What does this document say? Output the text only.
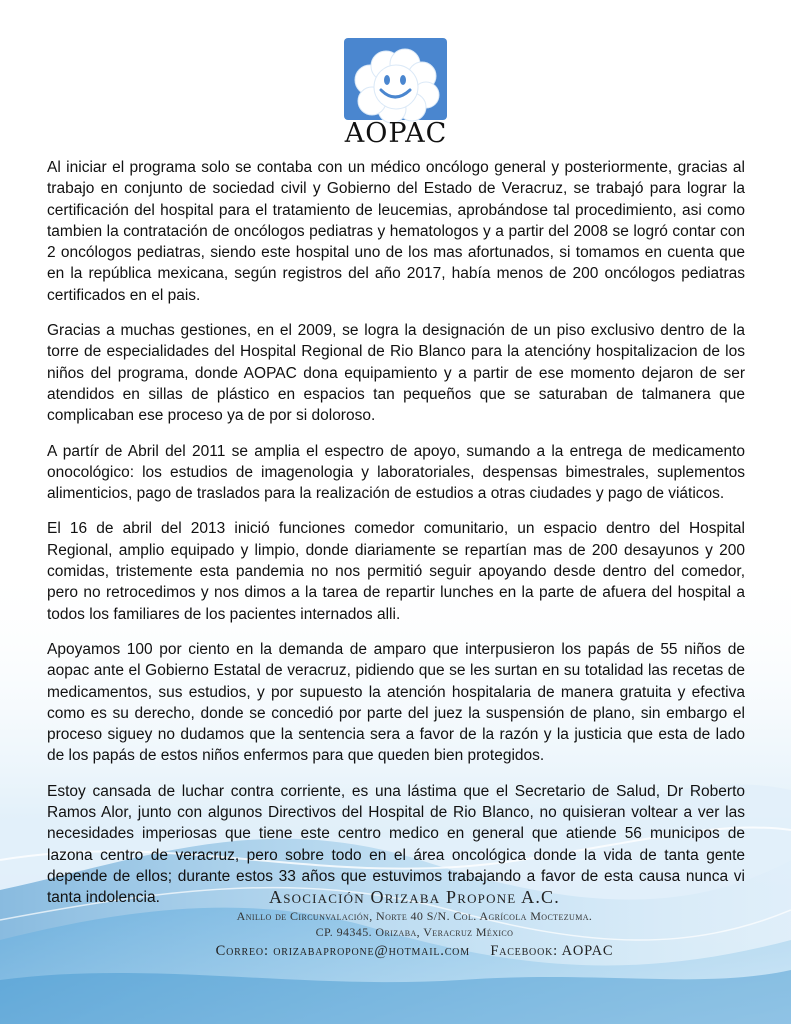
AOPAC

Al iniciar el programa solo se contaba con un médico oncólogo general y posteriormente, gracias al trabajo en conjunto de sociedad civil y Gobierno del Estado de Veracruz, se trabajó para lograr la certificación del hospital para el tratamiento de leucemias, aprobándose tal procedimiento, asi como tambien la contratación de oncólogos pediatras y hematologos y a partir del 2008 se logró contar con 2 oncólogos pediatras, siendo este hospital uno de los mas afortunados, si tomamos en cuenta que en la república mexicana, según registros del año 2017, había menos de 200 oncólogos pediatras certificados en el pais.

Gracias a muchas gestiones, en el 2009, se logra la designación de un piso exclusivo dentro de la torre de especialidades del Hospital Regional de Rio Blanco para la atencióny hospitalizacion de los niños del programa, donde AOPAC dona equipamiento y a partir de ese momento dejaron de ser atendidos en sillas de plástico en espacios tan pequeños que se saturaban de talmanera que complicaban ese proceso ya de por si doloroso.

A partír de Abril del 2011 se amplia el espectro de apoyo, sumando a la entrega de medicamento onocológico: los estudios de imagenologia y laboratoriales, despensas bimestrales, suplementos alimenticios, pago de traslados para la realización de estudios a otras ciudades y pago de viáticos.

El 16 de abril del 2013 inició funciones comedor comunitario, un espacio dentro del Hospital Regional, amplio equipado y limpio, donde diariamente se repartían mas de 200 desayunos y 200 comidas, tristemente esta pandemia no nos permitió seguir apoyando desde dentro del comedor, pero no retrocedimos y nos dimos a la tarea de repartir lunches en la parte de afuera del hospital a todos los familiares de los pacientes internados alli.

Apoyamos 100 por ciento en la demanda de amparo que interpusieron los papás de 55 niños de aopac ante el Gobierno Estatal de veracruz, pidiendo que se les surtan en su totalidad las recetas de medicamentos, sus estudios, y por supuesto la atención hospitalaria de manera gratuita y efectiva como es su derecho, donde se concedió por parte del juez la suspensión de plano, sin embargo el proceso siguey no dudamos que la sentencia sera a favor de la razón y la justicia que esta de lado de los papás de estos niños enfermos para que queden bien protegidos.

Estoy cansada de luchar contra corriente, es una lástima que el Secretario de Salud, Dr Roberto Ramos Alor, junto con algunos Directivos del Hospital de Rio Blanco, no quisieran voltear a ver las necesidades imperiosas que tiene este centro medico en general que atiende 56 municipos de lazona centro de veracruz, pero sobre todo en el área oncológica donde la vida de tanta gente depende de ellos; durante estos 33 años que estuvimos trabajando a favor de esta causa nunca vi tanta indolencia.	Asociación Orizaba Propone A.C.
Anillo de Circunvalación, Norte 40 S/N. Col. Agrícola Moctezuma.
CP. 94345. Orizaba, Veracruz México
Correo: orizabapropone@hotmail.com Facebook: AOPAC
